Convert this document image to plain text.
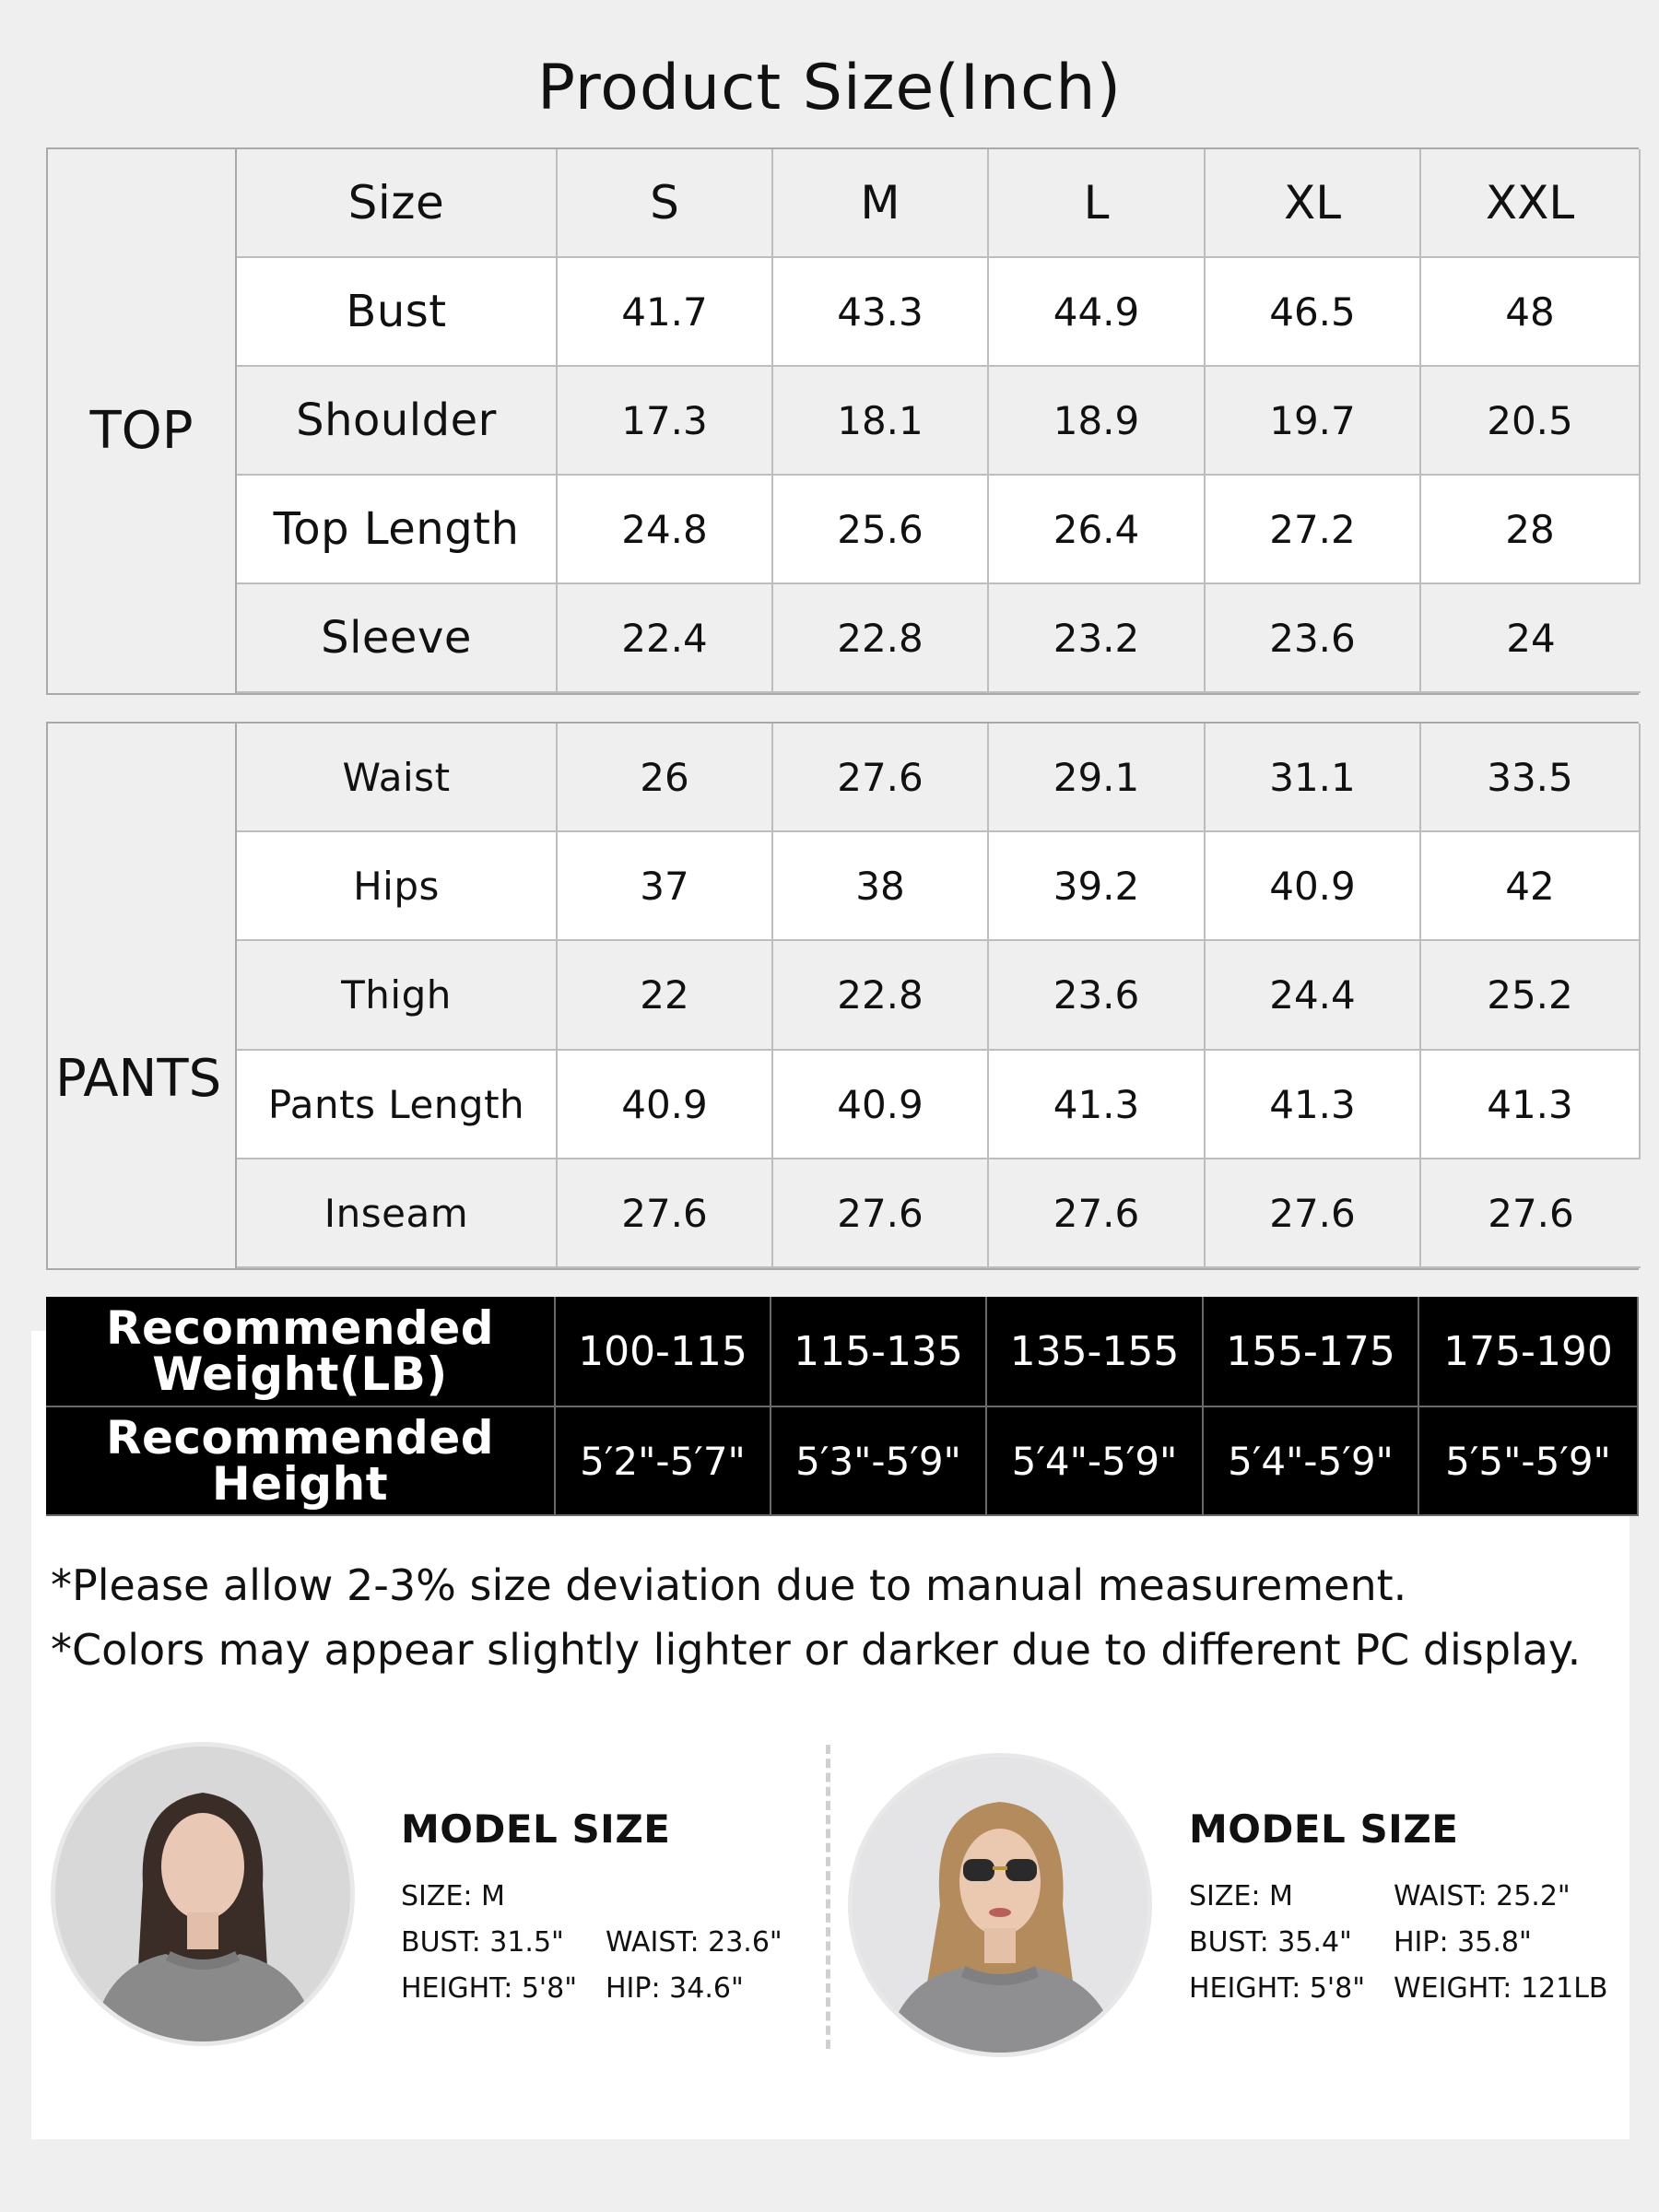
Product Size(Inch)
TOP
Size	S	M	L	XL	XXL
Bust	41.7	43.3	44.9	46.5	48
Shoulder	17.3	18.1	18.9	19.7	20.5
Top Length	24.8	25.6	26.4	27.2	28
Sleeve	22.4	22.8	23.2	23.6	24
PANTS
Waist	26	27.6	29.1	31.1	33.5
Hips	37	38	39.2	40.9	42
Thigh	22	22.8	23.6	24.4	25.2
Pants Length	40.9	40.9	41.3	41.3	41.3
Inseam	27.6	27.6	27.6	27.6	27.6
Recommended
Weight(LB)	100-115	115-135	135-155	155-175	175-190
Recommended
Height	5′2"-5′7"	5′3"-5′9"	5′4"-5′9"	5′4"-5′9"	5′5"-5′9"

*Please allow 2-3% size deviation due to manual measurement.

*Colors may appear slightly lighter or darker due to different PC display.

MODEL SIZE
SIZE: M
BUST: 31.5"	WAIST: 23.6"
HEIGHT: 5'8"	HIP: 34.6"
MODEL SIZE
SIZE: M	WAIST: 25.2"
BUST: 35.4"	HIP: 35.8"
HEIGHT: 5'8"	WEIGHT: 121LB
